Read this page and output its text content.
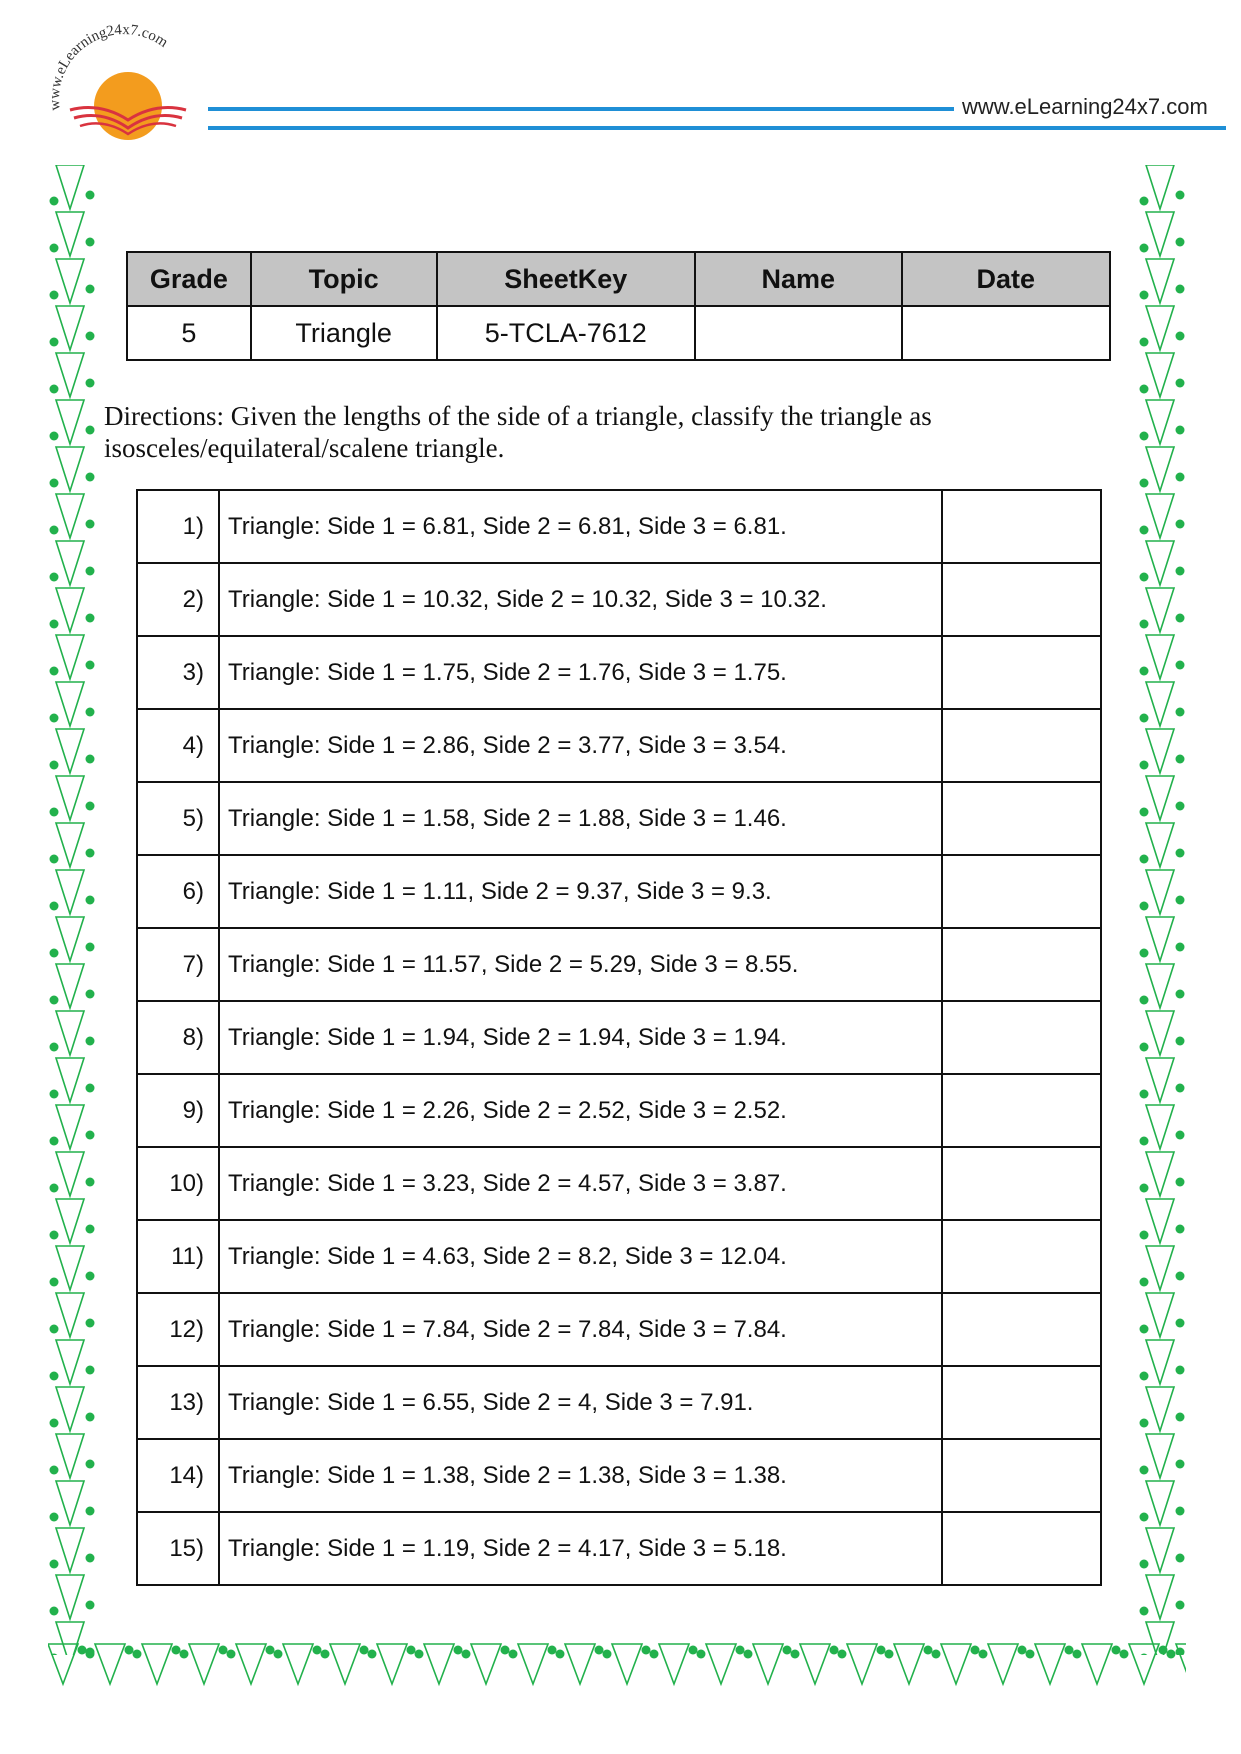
www.eLearning24x7.com
www.eLearning24x7.com
Grade	Topic	SheetKey	Name	Date
5	Triangle	5-TCLA-7612		
Directions: Given the lengths of the side of a triangle, classify the triangle as isosceles/equilateral/scalene triangle.
1)	Triangle: Side 1 = 6.81, Side 2 = 6.81, Side 3 = 6.81.	
2)	Triangle: Side 1 = 10.32, Side 2 = 10.32, Side 3 = 10.32.	
3)	Triangle: Side 1 = 1.75, Side 2 = 1.76, Side 3 = 1.75.	
4)	Triangle: Side 1 = 2.86, Side 2 = 3.77, Side 3 = 3.54.	
5)	Triangle: Side 1 = 1.58, Side 2 = 1.88, Side 3 = 1.46.	
6)	Triangle: Side 1 = 1.11, Side 2 = 9.37, Side 3 = 9.3.	
7)	Triangle: Side 1 = 11.57, Side 2 = 5.29, Side 3 = 8.55.	
8)	Triangle: Side 1 = 1.94, Side 2 = 1.94, Side 3 = 1.94.	
9)	Triangle: Side 1 = 2.26, Side 2 = 2.52, Side 3 = 2.52.	
10)	Triangle: Side 1 = 3.23, Side 2 = 4.57, Side 3 = 3.87.	
11)	Triangle: Side 1 = 4.63, Side 2 = 8.2, Side 3 = 12.04.	
12)	Triangle: Side 1 = 7.84, Side 2 = 7.84, Side 3 = 7.84.	
13)	Triangle: Side 1 = 6.55, Side 2 = 4, Side 3 = 7.91.	
14)	Triangle: Side 1 = 1.38, Side 2 = 1.38, Side 3 = 1.38.	
15)	Triangle: Side 1 = 1.19, Side 2 = 4.17, Side 3 = 5.18.	
